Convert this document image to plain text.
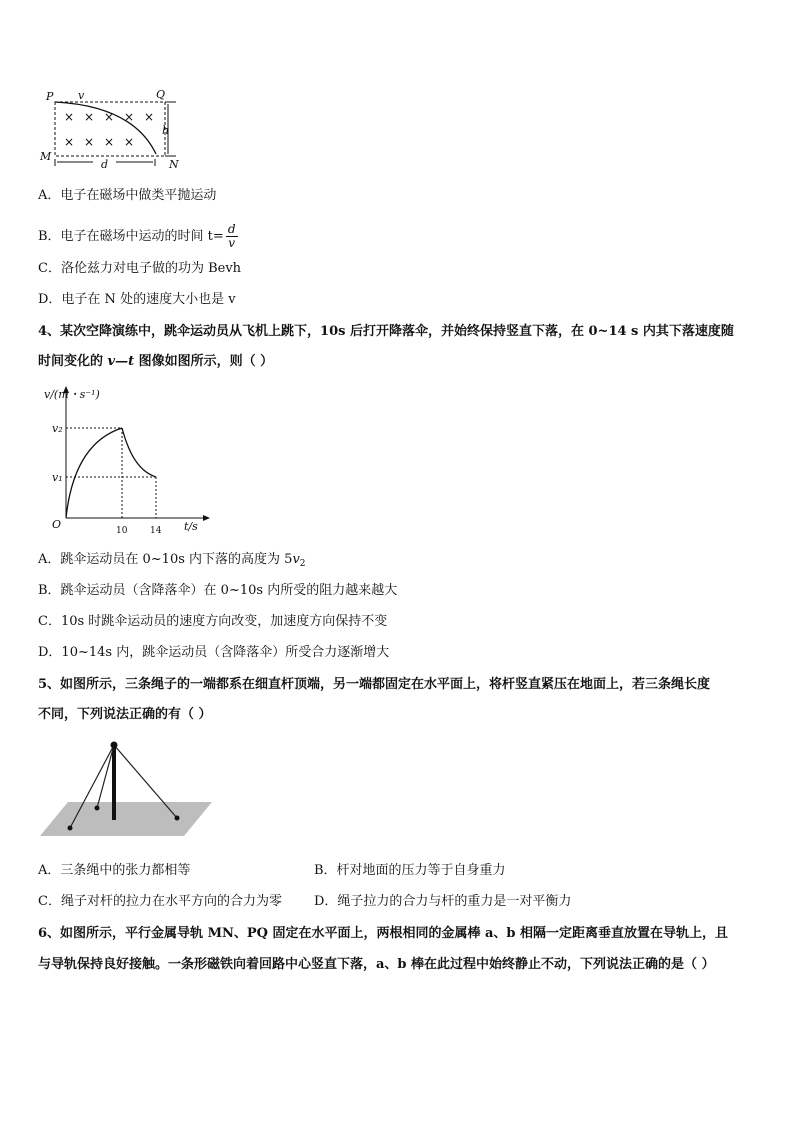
× × × × ×
× × × ×
P v	Q
h
M
N
d
A．电子在磁场中做类平抛运动
B．电子在磁场中运动的时间 $t= \frac{d}{v}$
C．洛伦兹力对电子做的功为 Bevh
D．电子在 N 处的速度大小也是 v
4、某次空降演练中，跳伞运动员从飞机上跳下，10s 后打开降落伞，并始终保持竖直下落，在 0~14 s 内其下落速度随
时间变化的 v—t 图像如图所示，则（ ）
v/(m・s⁻¹)
v₂
v₁
O	10	14 t/s
A．跳伞运动员在 0~10s 内下落的高度为 $5v_2$
B．跳伞运动员（含降落伞）在 0~10s 内所受的阻力越来越大
C．10s 时跳伞运动员的速度方向改变，加速度方向保持不变
D．10~14s 内，跳伞运动员（含降落伞）所受合力逐渐增大
5、如图所示，三条绳子的一端都系在细直杆顶端，另一端都固定在水平面上，将杆竖直紧压在地面上，若三条绳长度
不同，下列说法正确的有（ ）
A．三条绳中的张力都相等	B．杆对地面的压力等于自身重力
C．绳子对杆的拉力在水平方向的合力为零 D．绳子拉力的合力与杆的重力是一对平衡力
6、如图所示，平行金属导轨 MN、PQ 固定在水平面上，两根相同的金属棒 a、b 相隔一定距离垂直放置在导轨上，且
与导轨保持良好接触。一条形磁铁向着回路中心竖直下落，a、b 棒在此过程中始终静止不动，下列说法正确的是（ ）
